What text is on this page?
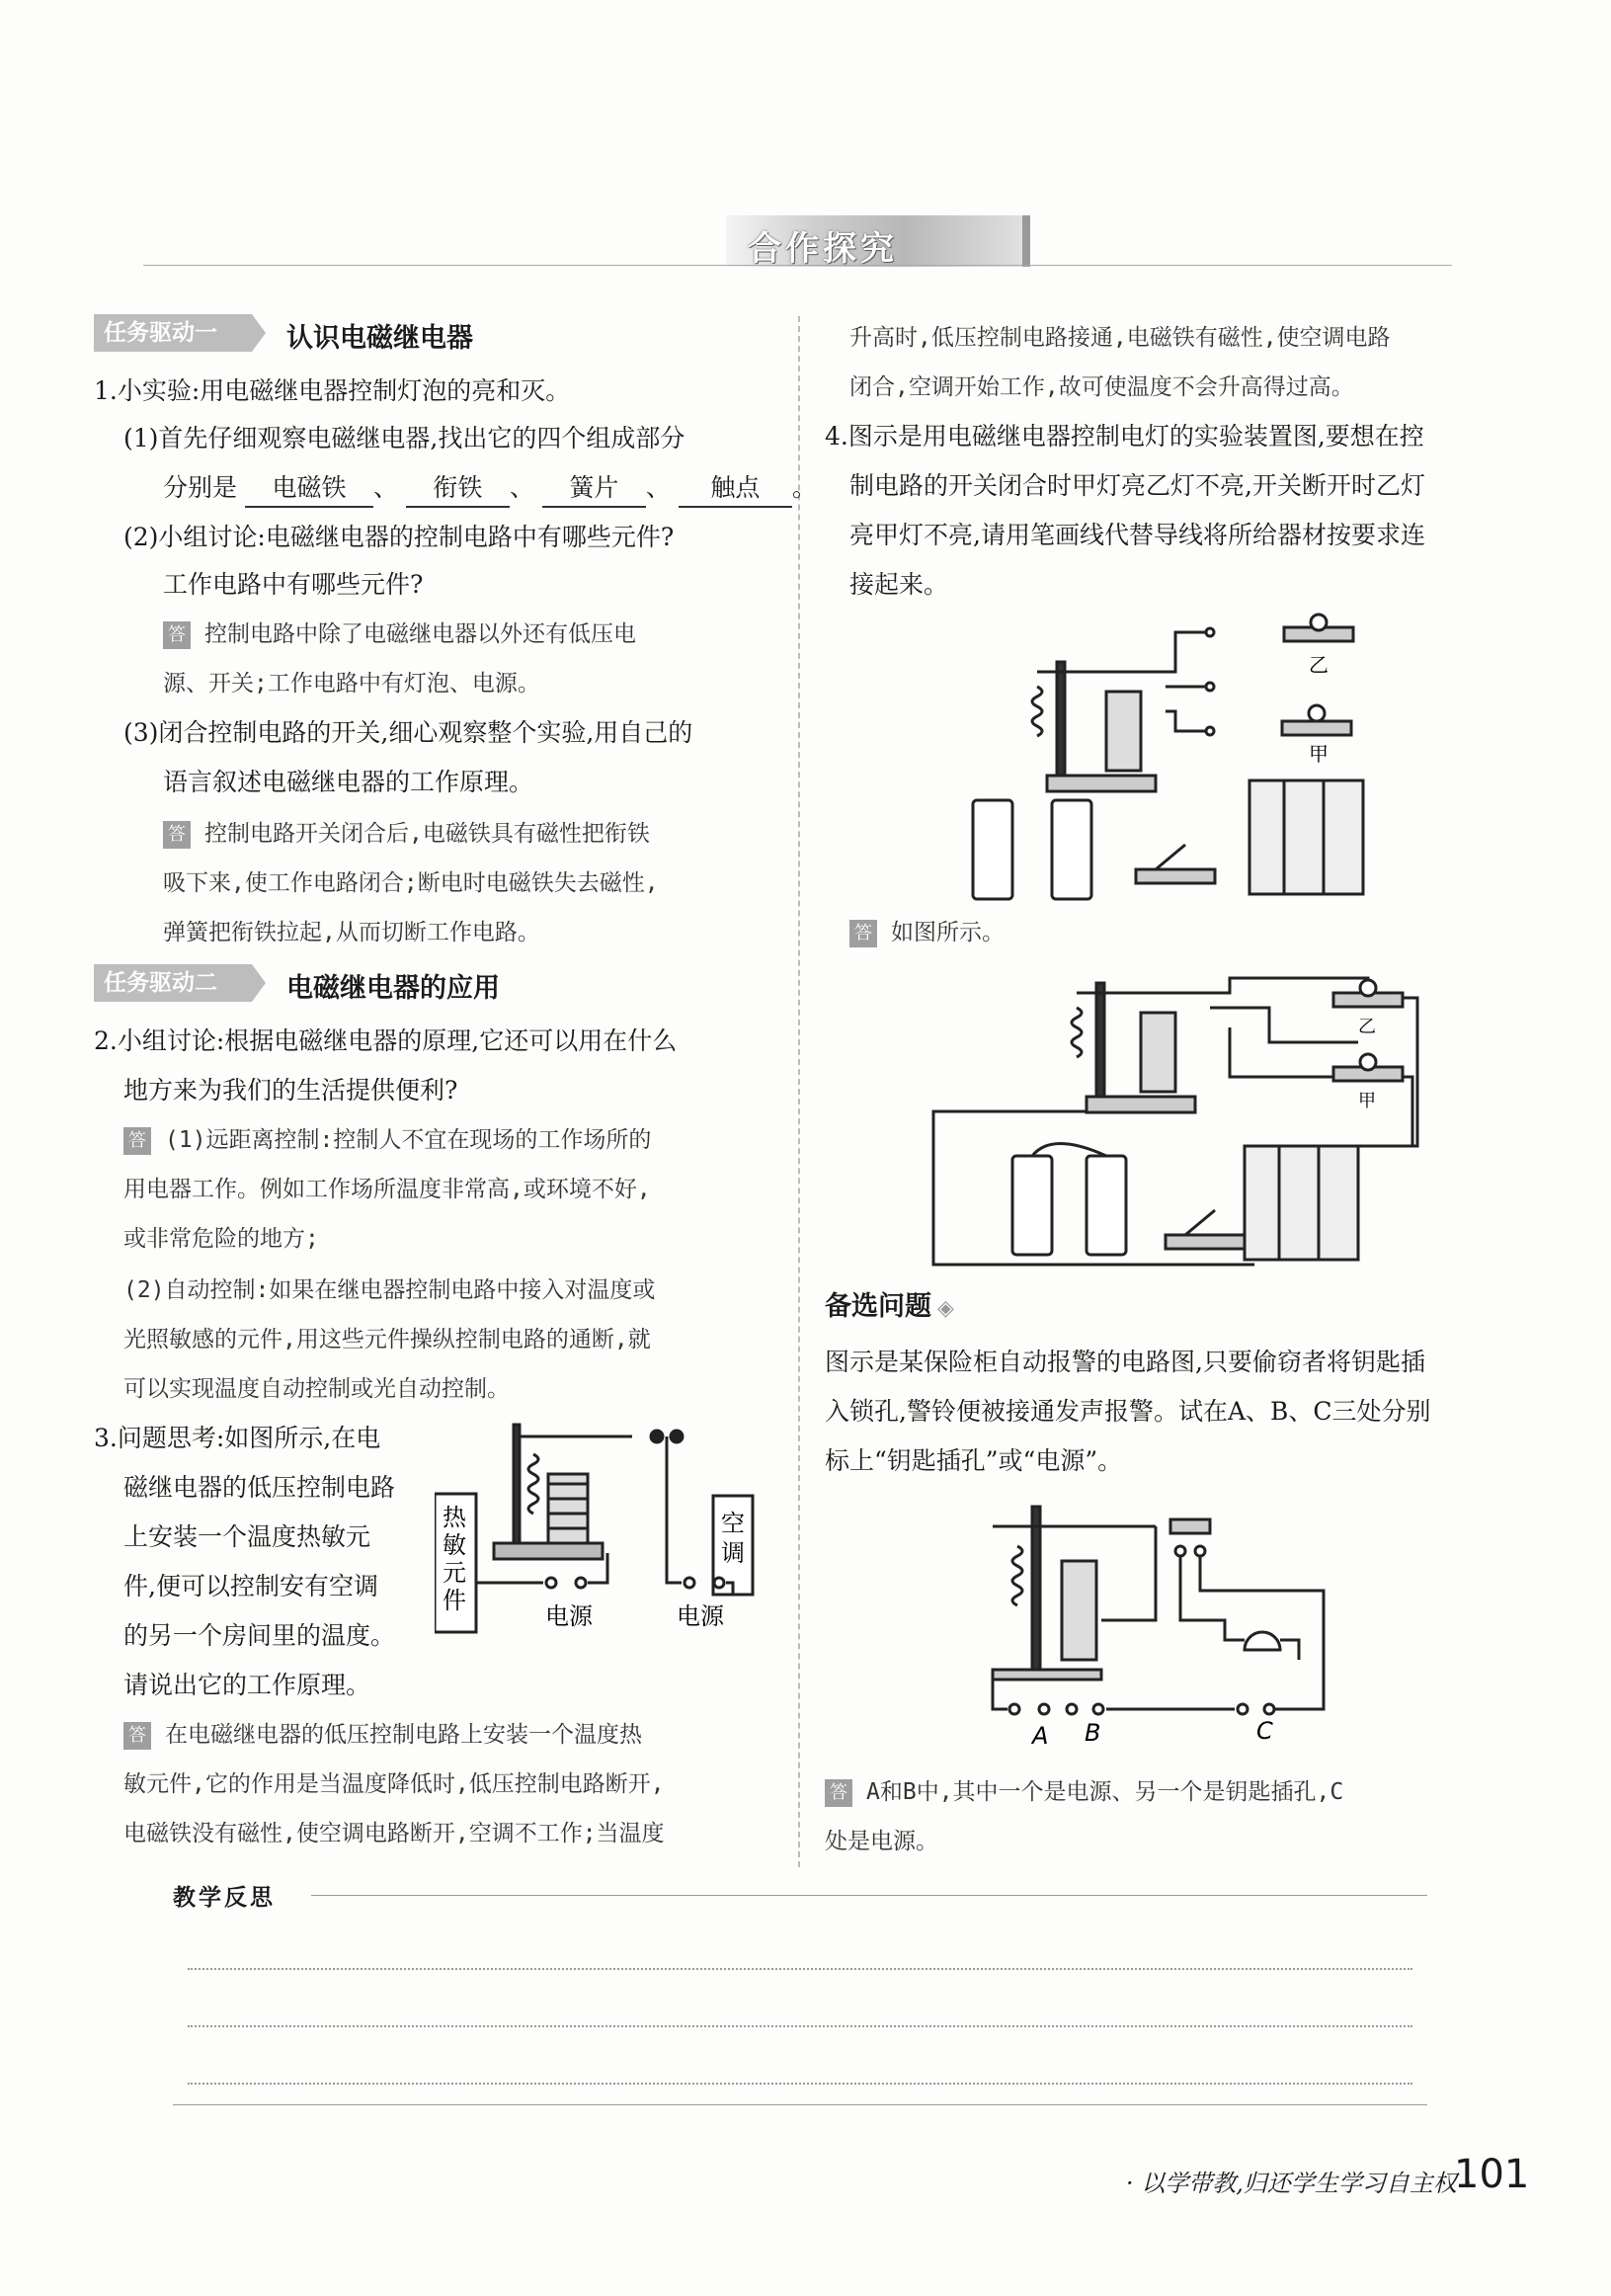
合作探究
任务驱动一	认识电磁继电器
1.小实验:用电磁继电器控制灯泡的亮和灭。
(1)首先仔细观察电磁继电器,找出它的四个组成部分
分别是 电磁铁 、 衔铁 、 簧片 、 触点 。
(2)小组讨论:电磁继电器的控制电路中有哪些元件?
工作电路中有哪些元件?
答 控制电路中除了电磁继电器以外还有低压电
源、开关;工作电路中有灯泡、电源。
(3)闭合控制电路的开关,细心观察整个实验,用自己的
语言叙述电磁继电器的工作原理。
答 控制电路开关闭合后,电磁铁具有磁性把衔铁
吸下来,使工作电路闭合;断电时电磁铁失去磁性,
弹簧把衔铁拉起,从而切断工作电路。
任务驱动二	电磁继电器的应用
2.小组讨论:根据电磁继电器的原理,它还可以用在什么
地方来为我们的生活提供便利?
答 (1)远距离控制:控制人不宜在现场的工作场所的
用电器工作。例如工作场所温度非常高,或环境不好,
或非常危险的地方;
(2)自动控制:如果在继电器控制电路中接入对温度或
光照敏感的元件,用这些元件操纵控制电路的通断,就
可以实现温度自动控制或光自动控制。
3.问题思考:如图所示,在电
磁继电器的低压控制电路
上安装一个温度热敏元
件,便可以控制安有空调
的另一个房间里的温度。
请说出它的工作原理。
热
敏
元
件
空
调
电源	电源
答 在电磁继电器的低压控制电路上安装一个温度热
敏元件,它的作用是当温度降低时,低压控制电路断开,
电磁铁没有磁性,使空调电路断开,空调不工作;当温度
升高时,低压控制电路接通,电磁铁有磁性,使空调电路
闭合,空调开始工作,故可使温度不会升高得过高。
4.图示是用电磁继电器控制电灯的实验装置图,要想在控
制电路的开关闭合时甲灯亮乙灯不亮,开关断开时乙灯
亮甲灯不亮,请用笔画线代替导线将所给器材按要求连
接起来。
乙
甲
答 如图所示。
乙
甲
备选问题 ◈
图示是某保险柜自动报警的电路图,只要偷窃者将钥匙插
入锁孔,警铃便被接通发声报警。试在A、B、C三处分别
标上“钥匙插孔”或“电源”。
A B	C
答 A和B中,其中一个是电源、另一个是钥匙插孔,C
处是电源。
教学反思
· 以学带教,归还学生学习自主权 ·
101
